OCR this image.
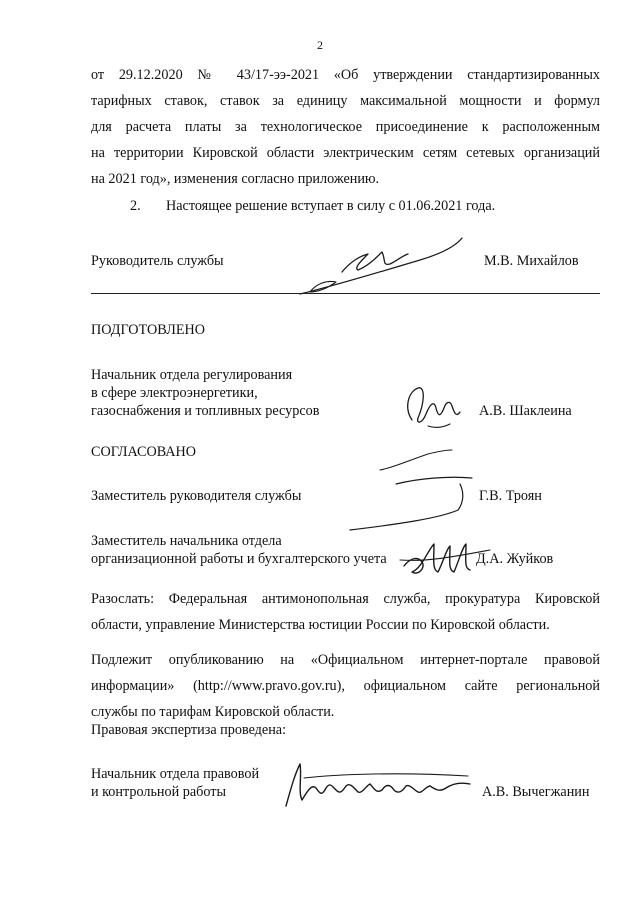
2
от 29.12.2020 № 43/17-ээ-2021 «Об утверждении стандартизированных
тарифных ставок, ставок за единицу максимальной мощности и формул
для расчета платы за технологическое присоединение к расположенным
на территории Кировской области электрическим сетям сетевых организаций
на 2021 год», изменения согласно приложению.
2. Настоящее решение вступает в силу с 01.06.2021 года.
Руководитель службы	М.В. Михайлов
ПОДГОТОВЛЕНО
Начальник отдела регулирования
в сфере электроэнергетики,
газоснабжения и топливных ресурсов	А.В. Шаклеина
СОГЛАСОВАНО
Заместитель руководителя службы	Г.В. Троян
Заместитель начальника отдела
организационной работы и бухгалтерского учета	Д.А. Жуйков
Разослать: Федеральная антимонопольная служба, прокуратура Кировской
области, управление Министерства юстиции России по Кировской области.
Подлежит опубликованию на «Официальном интернет-портале правовой
информации» (http://www.pravo.gov.ru), официальном сайте региональной
службы по тарифам Кировской области.
Правовая экспертиза проведена:
Начальник отдела правовой
и контрольной работы	А.В. Вычегжанин
